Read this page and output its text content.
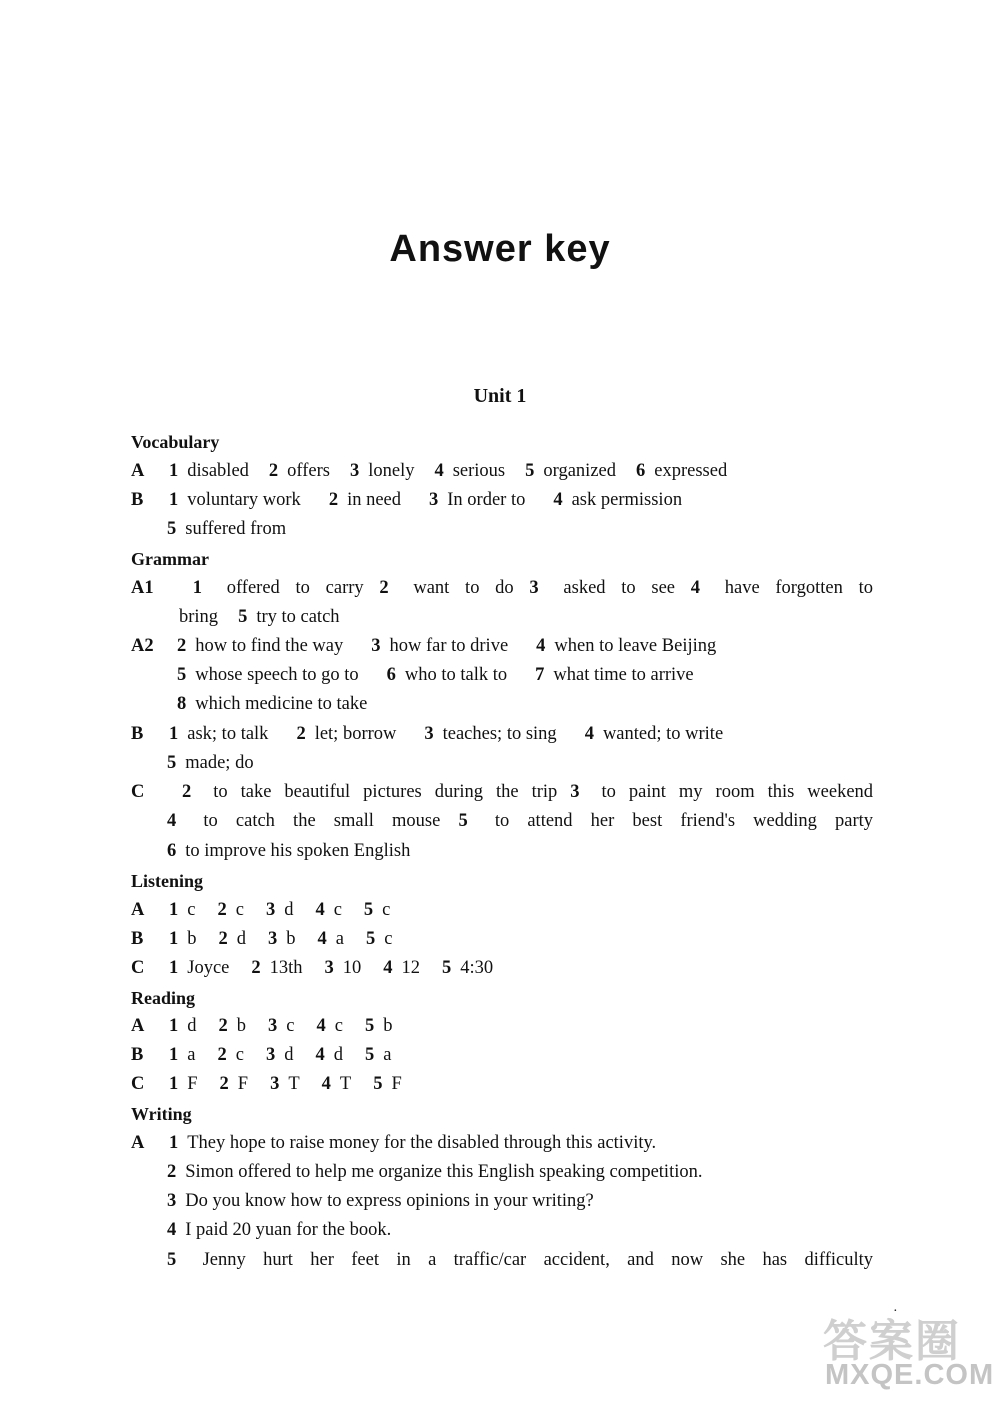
Answer key
Unit 1
Vocabulary
A 1 disabled 2 offers 3 lonely 4 serious 5 organized 6 expressed
B 1 voluntary work 2 in need 3 In order to 4 ask permission
5 suffered from
Grammar
A1 1 offered to carry 2 want to do 3 asked to see 4 have forgotten to
bring 5 try to catch
A2 2 how to find the way 3 how far to drive 4 when to leave Beijing
5 whose speech to go to 6 who to talk to 7 what time to arrive
8 which medicine to take
B 1 ask; to talk 2 let; borrow 3 teaches; to sing 4 wanted; to write
5 made; do
C 2 to take beautiful pictures during the trip 3 to paint my room this weekend
4 to catch the small mouse 5 to attend her best friend's wedding party
6 to improve his spoken English
Listening
A 1 c 2 c 3 d 4 c 5 c
B 1 b 2 d 3 b 4 a 5 c
C 1 Joyce 2 13th 3 10 4 12 5 4:30
Reading
A 1 d 2 b 3 c 4 c 5 b
B 1 a 2 c 3 d 4 d 5 a
C 1 F 2 F 3 T 4 T 5 F
Writing
A 1 They hope to raise money for the disabled through this activity.
2 Simon offered to help me organize this English speaking competition.
3 Do you know how to express opinions in your writing?
4 I paid 20 yuan for the book.
5 Jenny hurt her feet in a traffic/car accident, and now she has difficulty
·
答案圈
MXQE.COM
